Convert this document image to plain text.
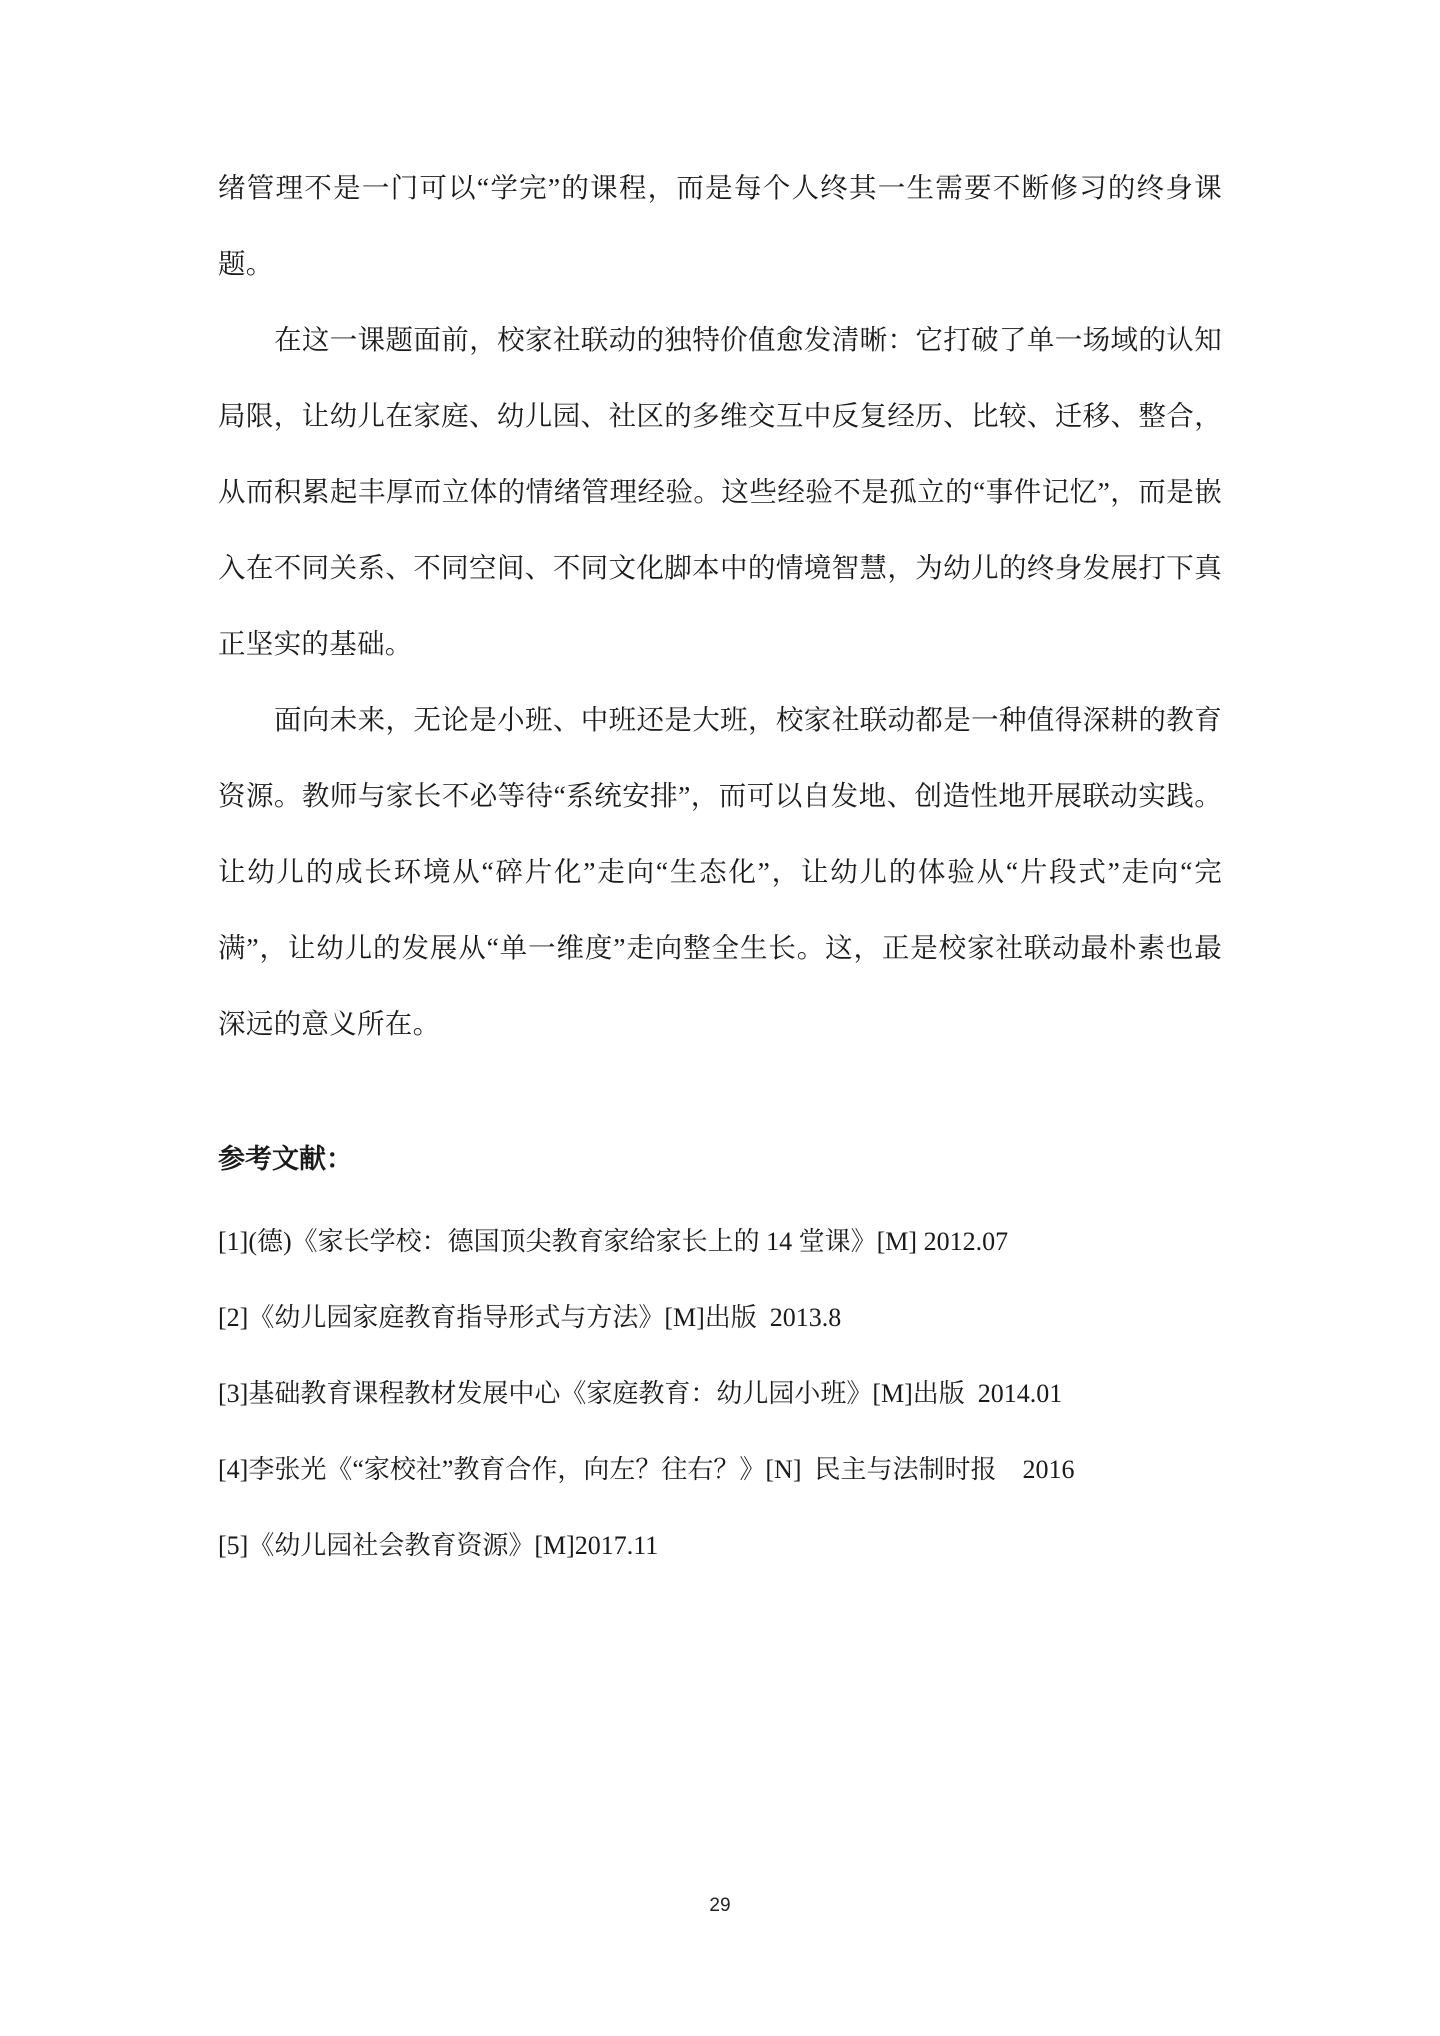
绪管理不是一门可以“学完”的课程，而是每个人终其一生需要不断修习的终身课题。

在这一课题面前，校家社联动的独特价值愈发清晰：它打破了单一场域的认知局限，让幼儿在家庭、幼儿园、社区的多维交互中反复经历、比较、迁移、整合，从而积累起丰厚而立体的情绪管理经验。这些经验不是孤立的“事件记忆”，而是嵌入在不同关系、不同空间、不同文化脚本中的情境智慧，为幼儿的终身发展打下真正坚实的基础。

面向未来，无论是小班、中班还是大班，校家社联动都是一种值得深耕的教育资源。教师与家长不必等待“系统安排”，而可以自发地、创造性地开展联动实践。让幼儿的成长环境从“碎片化”走向“生态化”，让幼儿的体验从“片段式”走向“完满”，让幼儿的发展从“单一维度”走向整全生长。这，正是校家社联动最朴素也最深远的意义所在。

参考文献：

[1](德)《家长学校：德国顶尖教育家给家长上的 14 堂课》[M] 2012.07

[2]《幼儿园家庭教育指导形式与方法》[M]出版  2013.8

[3]基础教育课程教材发展中心《家庭教育：幼儿园小班》[M]出版  2014.01

[4]李张光《“家校社”教育合作，向左？往右？》[N]  民主与法制时报    2016

[5]《幼儿园社会教育资源》[M]2017.11

29
